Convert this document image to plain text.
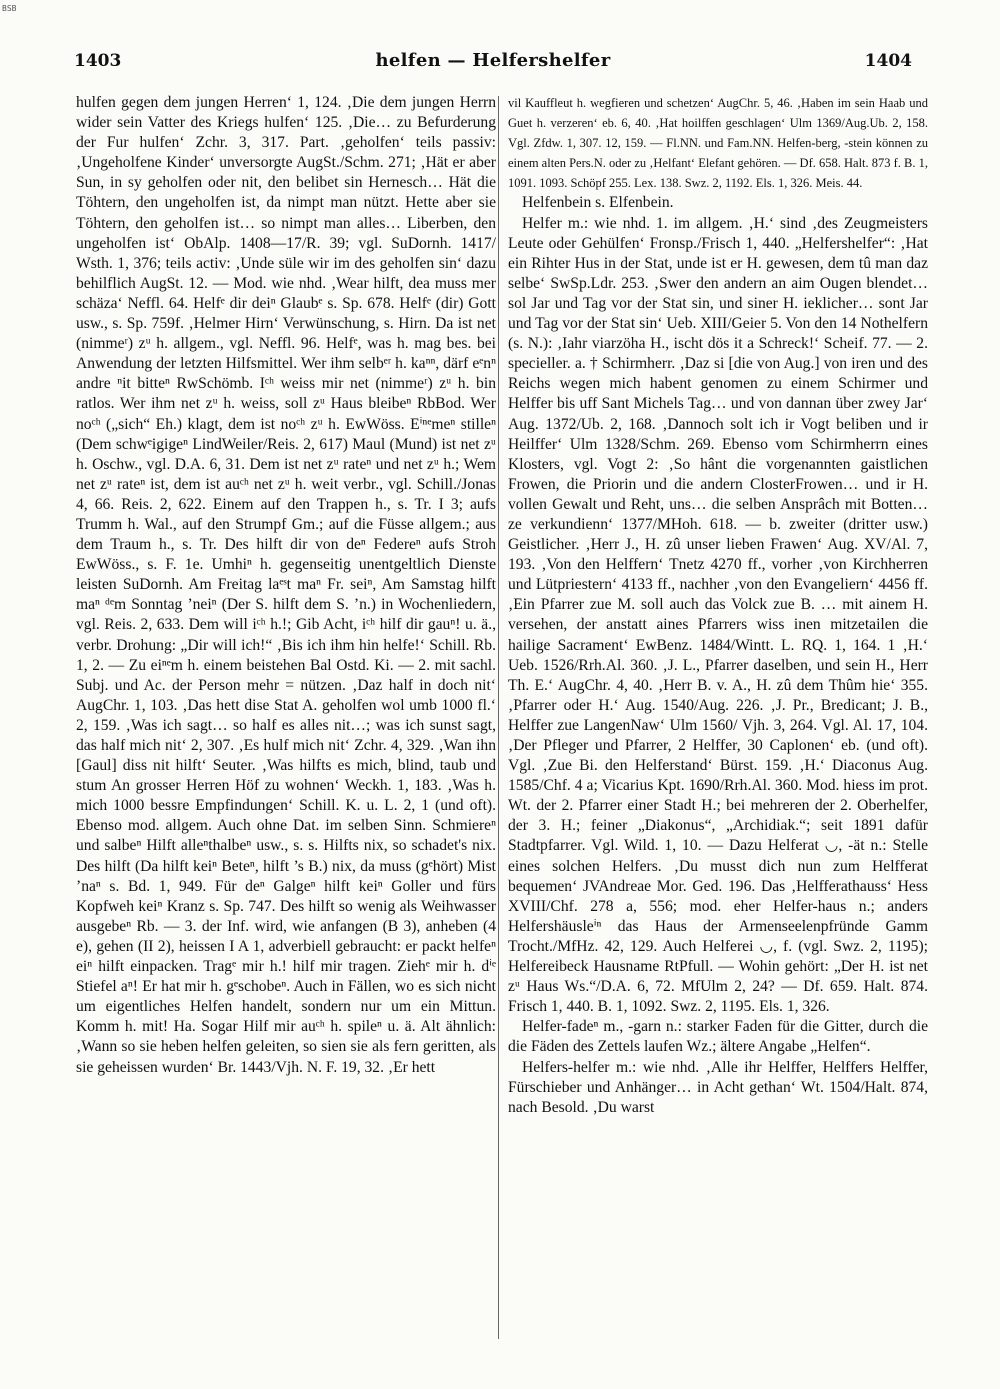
BSB
1403	helfen — Helfershelfer	1404

hulfen gegen dem jungen Herren‘ 1, 124. ‚Die dem jungen Herrn wider sein Vatter des Kriegs hulfen‘ 125. ‚Die… zu Befurderung der Fur hulfen‘ Zchr. 3, 317. Part. ‚geholfen‘ teils passiv: ‚Ungeholfene Kinder‘ unversorgte AugSt./Schm. 271; ‚Hät er aber Sun, in sy geholfen oder nit, den belibet sin Hernesch… Hät die Töhtern, den ungeholfen ist, da nimpt man nützt. Hette aber sie Töhtern, den geholfen ist… so nimpt man alles… Liberben, den ungeholfen ist‘ ObAlp. 1408—17/R. 39; vgl. SuDornh. 1417/ Wsth. 1, 376; teils activ: ‚Unde süle wir im des geholfen sin‘ dazu behilflich AugSt. 12. — Mod. wie nhd. ‚Wear hilft, dea muss mer schäza‘ Neffl. 64. Helfᵉ dir deiⁿ Glaubᵉ s. Sp. 678. Helfᵉ (dir) Gott usw., s. Sp. 759f. ‚Helmer Hirn‘ Verwünschung, s. Hirn. Da ist net (nimmeʳ) zᵘ h. allgem., vgl. Neffl. 96. Helfᵉ, was h. mag bes. bei Anwendung der letzten Hilfsmittel. Wer ihm selbᵉʳ h. kaⁿⁿ, därf eᵉnⁿ andre ⁿit bitteⁿ RwSchömb. Iᶜʰ weiss mir net (nimmeʳ) zᵘ h. bin ratlos. Wer ihm net zᵘ h. weiss, soll zᵘ Haus bleibeⁿ RbBod. Wer noᶜʰ („sich“ Eh.) klagt, dem ist noᶜʰ zᵘ h. EwWöss. Eⁱⁿᵉmeⁿ stilleⁿ (Dem schwᵉigigeⁿ LindWeiler/Reis. 2, 617) Maul (Mund) ist net zᵘ h. Oschw., vgl. D.A. 6, 31. Dem ist net zᵘ rateⁿ und net zᵘ h.; Wem net zᵘ rateⁿ ist, dem ist auᶜʰ net zᵘ h. weit verbr., vgl. Schill./Jonas 4, 66. Reis. 2, 622. Einem auf den Trappen h., s. Tr. I 3; aufs Trumm h. Wal., auf den Strumpf Gm.; auf die Füsse allgem.; aus dem Traum h., s. Tr. Des hilft dir von deⁿ Federeⁿ aufs Stroh EwWöss., s. F. 1e. Umhiⁿ h. gegenseitig unentgeltlich Dienste leisten SuDornh. Am Freitag laᵉˢt maⁿ Fr. seiⁿ, Am Samstag hilft maⁿ ᵈᵉm Sonntag ’neiⁿ (Der S. hilft dem S. ’n.) in Wochenliedern, vgl. Reis. 2, 633. Dem will iᶜʰ h.!; Gib Acht, iᶜʰ hilf dir gauⁿ! u. ä., verbr. Drohung: „Dir will ich!“ ‚Bis ich ihm hin helfe!‘ Schill. Rb. 1, 2. — Zu eiⁿᵉm h. einem beistehen Bal Ostd. Ki. — 2. mit sachl. Subj. und Ac. der Person mehr = nützen. ‚Daz half in doch nit‘ AugChr. 1, 103. ‚Das hett dise Stat A. geholfen wol umb 1000 fl.‘ 2, 159. ‚Was ich sagt… so half es alles nit…; was ich sunst sagt, das half mich nit‘ 2, 307. ‚Es hulf mich nit‘ Zchr. 4, 329. ‚Wan ihn [Gaul] diss nit hilft‘ Seuter. ‚Was hilfts es mich, blind, taub und stum An grosser Herren Höf zu wohnen‘ Weckh. 1, 183. ‚Was h. mich 1000 bessre Empfindungen‘ Schill. K. u. L. 2, 1 (und oft). Ebenso mod. allgem. Auch ohne Dat. im selben Sinn. Schmiereⁿ und salbeⁿ Hilft alleⁿthalbeⁿ usw., s. s. Hilfts nix, so schadet's nix. Des hilft (Da hilft keiⁿ Beteⁿ, hilft ’s B.) nix, da muss (gᵉhört) Mist ’naⁿ s. Bd. 1, 949. Für deⁿ Galgeⁿ hilft keiⁿ Goller und fürs Kopfweh keiⁿ Kranz s. Sp. 747. Des hilft so wenig als Weihwasser ausgebeⁿ Rb. — 3. der Inf. wird, wie anfangen (B 3), anheben (4 e), gehen (II 2), heissen I A 1, adverbiell gebraucht: er packt helfeⁿ eiⁿ hilft einpacken. Tragᵉ mir h.! hilf mir tragen. Ziehᵉ mir h. dⁱᵉ Stiefel aⁿ! Er hat mir h. gᵉschobeⁿ. Auch in Fällen, wo es sich nicht um eigentliches Helfen handelt, sondern nur um ein Mittun. Komm h. mit! Ha. Sogar Hilf mir auᶜʰ h. spileⁿ u. ä. Alt ähnlich: ‚Wann so sie heben helfen geleiten, so sien sie als fern geritten, als sie geheissen wurden‘ Br. 1443/Vjh. N. F. 19, 32. ‚Er hett

vil Kauffleut h. wegfieren und schetzen‘ AugChr. 5, 46. ‚Haben im sein Haab und Guet h. verzeren‘ eb. 6, 40. ‚Hat hoilffen geschlagen‘ Ulm 1369/Aug.Ub. 2, 158. Vgl. Zfdw. 1, 307. 12, 159. — Fl.NN. und Fam.NN. Helfen-berg, -stein können zu einem alten Pers.N. oder zu ‚Helfant‘ Elefant gehören. — Df. 658. Halt. 873 f. B. 1, 1091. 1093. Schöpf 255. Lex. 138. Swz. 2, 1192. Els. 1, 326. Meis. 44.

Helfenbein s. Elfenbein.

Helfer m.: wie nhd. 1. im allgem. ‚H.‘ sind ‚des Zeugmeisters Leute oder Gehülfen‘ Fronsp./Frisch 1, 440. „Helfershelfer“: ‚Hat ein Rihter Hus in der Stat, unde ist er H. gewesen, dem tû man daz selbe‘ SwSp.Ldr. 253. ‚Swer den andern an aim Ougen blendet… sol Jar und Tag vor der Stat sin, und siner H. ieklicher… sont Jar und Tag vor der Stat sin‘ Ueb. XIII/Geier 5. Von den 14 Nothelfern (s. N.): ‚Iahr viarzöha H., ischt dös it a Schreck!‘ Scheif. 77. — 2. specieller. a. † Schirmherr. ‚Daz si [die von Aug.] von iren und des Reichs wegen mich habent genomen zu einem Schirmer und Helffer bis uff Sant Michels Tag… und von dannan über zwey Jar‘ Aug. 1372/Ub. 2, 168. ‚Dannoch solt ich ir Vogt beliben und ir Heilffer‘ Ulm 1328/Schm. 269. Ebenso vom Schirmherrn eines Klosters, vgl. Vogt 2: ‚So hânt die vorgenannten gaistlichen Frowen, die Priorin und die andern ClosterFrowen… und ir H. vollen Gewalt und Reht, uns… die selben Ansprâch mit Botten… ze verkundienn‘ 1377/MHoh. 618. — b. zweiter (dritter usw.) Geistlicher. ‚Herr J., H. zû unser lieben Frawen‘ Aug. XV/Al. 7, 193. ‚Von den Helffern‘ Tnetz 4270 ff., vorher ‚von Kirchherren und Lütpriestern‘ 4133 ff., nachher ‚von den Evangeliern‘ 4456 ff. ‚Ein Pfarrer zue M. soll auch das Volck zue B. … mit ainem H. versehen, der anstatt aines Pfarrers wiss inen mitzetailen die hailige Sacrament‘ EwBenz. 1484/Wintt. L. RQ. 1, 164. 1 ‚H.‘ Ueb. 1526/Rrh.Al. 360. ‚J. L., Pfarrer daselben, und sein H., Herr Th. E.‘ AugChr. 4, 40. ‚Herr B. v. A., H. zû dem Thûm hie‘ 355. ‚Pfarrer oder H.‘ Aug. 1540/Aug. 226. ‚J. Pr., Bredicant; J. B., Helffer zue LangenNaw‘ Ulm 1560/ Vjh. 3, 264. Vgl. Al. 17, 104. ‚Der Pfleger und Pfarrer, 2 Helffer, 30 Caplonen‘ eb. (und oft). Vgl. ‚Zue Bi. den Helferstand‘ Bürst. 159. ‚H.‘ Diaconus Aug. 1585/Chf. 4 a; Vicarius Kpt. 1690/Rrh.Al. 360. Mod. hiess im prot. Wt. der 2. Pfarrer einer Stadt H.; bei mehreren der 2. Oberhelfer, der 3. H.; feiner „Diakonus“, „Archidiak.“; seit 1891 dafür Stadtpfarrer. Vgl. Wild. 1, 10. — Dazu Helferat ◡, -ät n.: Stelle eines solchen Helfers. ‚Du musst dich nun zum Helfferat bequemen‘ JVAndreae Mor. Ged. 196. Das ‚Helfferathauss‘ Hess XVIII/Chf. 278 a, 556; mod. eher Helfer-haus n.; anders Helfershäusleⁱⁿ das Haus der Armenseelenpfründe Gamm Trocht./MfHz. 42, 129. Auch Helferei ◡, f. (vgl. Swz. 2, 1195); Helfereibeck Hausname RtPfull. — Wohin gehört: „Der H. ist net zᵘ Haus Ws.“/D.A. 6, 72. MfUlm 2, 24? — Df. 659. Halt. 874. Frisch 1, 440. B. 1, 1092. Swz. 2, 1195. Els. 1, 326.

Helfer-fadeⁿ m., -garn n.: starker Faden für die Gitter, durch die die Fäden des Zettels laufen Wz.; ältere Angabe „Helfen“.

Helfers-helfer m.: wie nhd. ‚Alle ihr Helffer, Helffers Helffer, Fürschieber und Anhänger… in Acht gethan‘ Wt. 1504/Halt. 874, nach Besold. ‚Du warst
